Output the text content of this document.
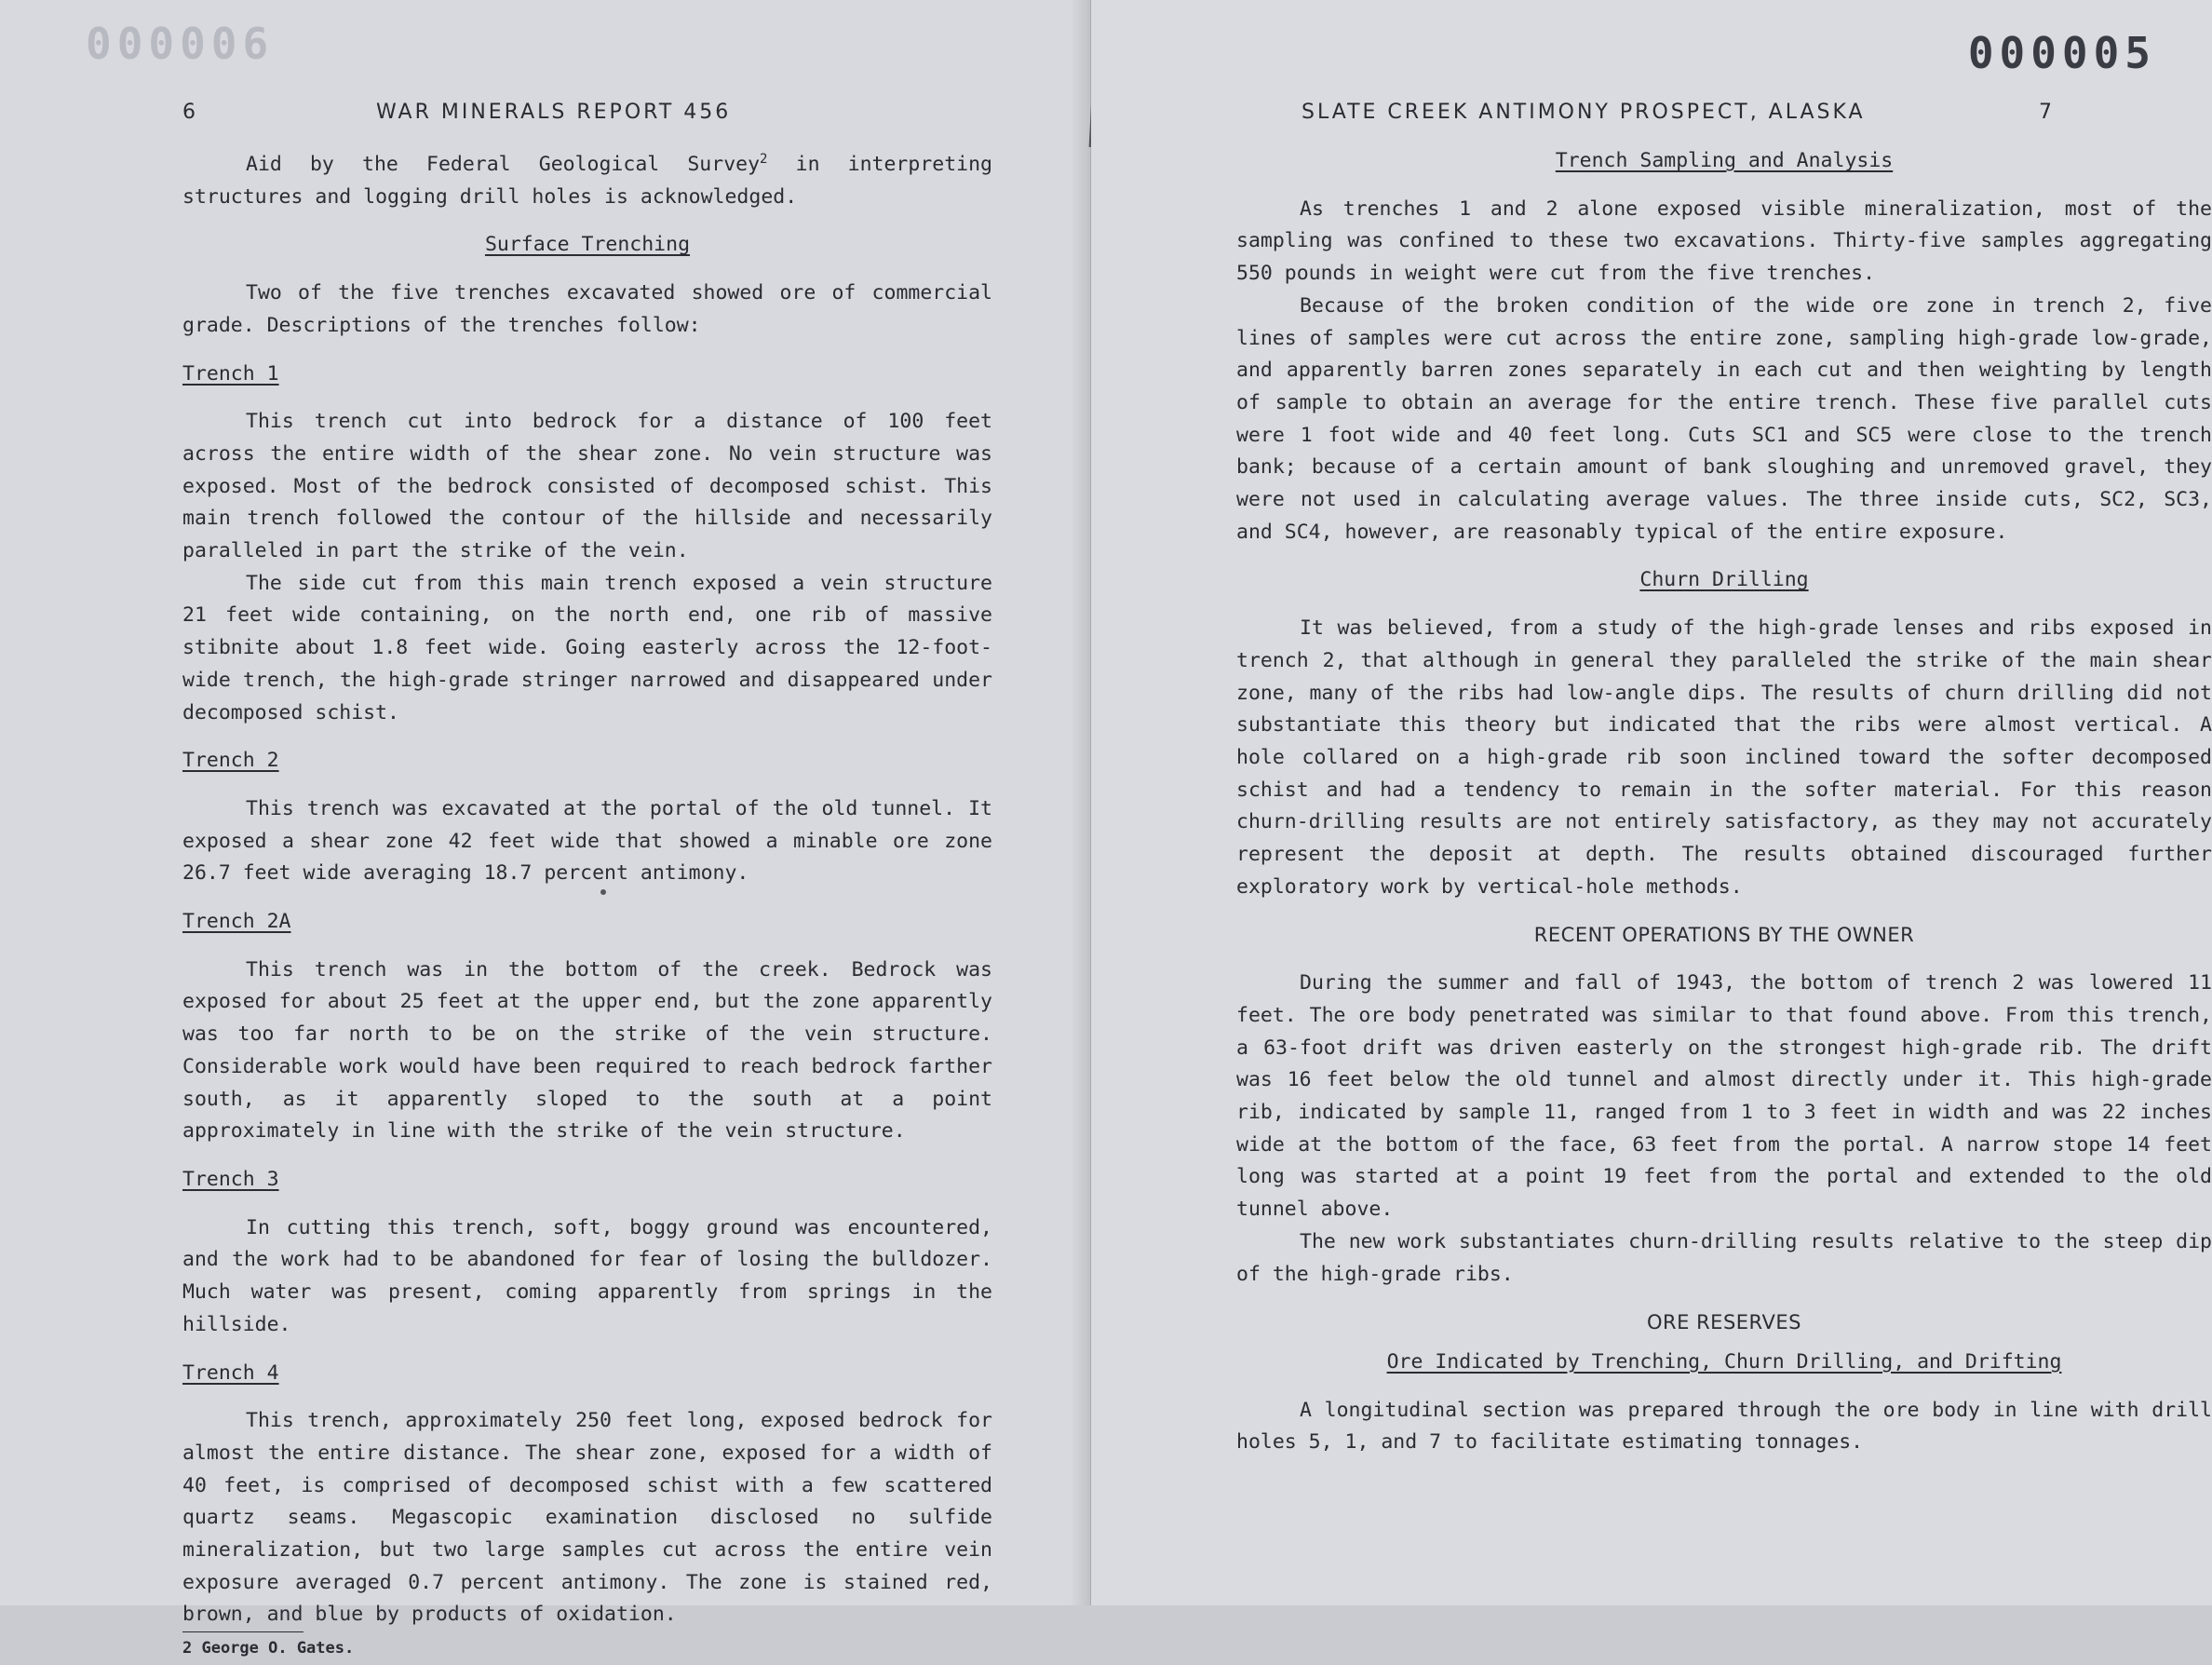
000006
6	WAR MINERALS REPORT 456

Aid by the Federal Geological Survey$^2$ in interpreting structures and logging drill holes is acknowledged.

Surface Trenching

Two of the five trenches excavated showed ore of commercial grade. Descriptions of the trenches follow:

Trench 1

This trench cut into bedrock for a distance of 100 feet across the entire width of the shear zone. No vein structure was exposed. Most of the bedrock consisted of decomposed schist. This main trench followed the contour of the hillside and necessarily paralleled in part the strike of the vein.

The side cut from this main trench exposed a vein structure 21 feet wide containing, on the north end, one rib of massive stibnite about 1.8 feet wide. Going easterly across the 12-foot-wide trench, the high-grade stringer narrowed and disappeared under decomposed schist.

Trench 2

This trench was excavated at the portal of the old tunnel. It exposed a shear zone 42 feet wide that showed a minable ore zone 26.7 feet wide averaging 18.7 percent antimony.

Trench 2A

This trench was in the bottom of the creek. Bedrock was exposed for about 25 feet at the upper end, but the zone apparently was too far north to be on the strike of the vein structure. Considerable work would have been required to reach bedrock farther south, as it apparently sloped to the south at a point approximately in line with the strike of the vein structure.

Trench 3

In cutting this trench, soft, boggy ground was encountered, and the work had to be abandoned for fear of losing the bulldozer. Much water was present, coming apparently from springs in the hillside.

Trench 4

This trench, approximately 250 feet long, exposed bedrock for almost the entire distance. The shear zone, exposed for a width of 40 feet, is comprised of decomposed schist with a few scattered quartz seams. Megascopic examination disclosed no sulfide mineralization, but two large samples cut across the entire vein exposure averaged 0.7 percent antimony. The zone is stained red, brown, and blue by products of oxidation.

2 George O. Gates.

000005
SLATE CREEK ANTIMONY PROSPECT, ALASKA	7

Trench Sampling and Analysis

As trenches 1 and 2 alone exposed visible mineralization, most of the sampling was confined to these two excavations. Thirty-five samples aggregating 550 pounds in weight were cut from the five trenches.

Because of the broken condition of the wide ore zone in trench 2, five lines of samples were cut across the entire zone, sampling high-grade low-grade, and apparently barren zones separately in each cut and then weighting by length of sample to obtain an average for the entire trench. These five parallel cuts were 1 foot wide and 40 feet long. Cuts SC1 and SC5 were close to the trench bank; because of a certain amount of bank sloughing and unremoved gravel, they were not used in calculating average values. The three inside cuts, SC2, SC3, and SC4, however, are reasonably typical of the entire exposure.

Churn Drilling

It was believed, from a study of the high-grade lenses and ribs exposed in trench 2, that although in general they paralleled the strike of the main shear zone, many of the ribs had low-angle dips. The results of churn drilling did not substantiate this theory but indicated that the ribs were almost vertical. A hole collared on a high-grade rib soon inclined toward the softer decomposed schist and had a tendency to remain in the softer material. For this reason churn-drilling results are not entirely satisfactory, as they may not accurately represent the deposit at depth. The results obtained discouraged further exploratory work by vertical-hole methods.

RECENT OPERATIONS BY THE OWNER

During the summer and fall of 1943, the bottom of trench 2 was lowered 11 feet. The ore body penetrated was similar to that found above. From this trench, a 63-foot drift was driven easterly on the strongest high-grade rib. The drift was 16 feet below the old tunnel and almost directly under it. This high-grade rib, indicated by sample 11, ranged from 1 to 3 feet in width and was 22 inches wide at the bottom of the face, 63 feet from the portal. A narrow stope 14 feet long was started at a point 19 feet from the portal and extended to the old tunnel above.

The new work substantiates churn-drilling results relative to the steep dip of the high-grade ribs.

ORE RESERVES

Ore Indicated by Trenching, Churn Drilling, and Drifting

A longitudinal section was prepared through the ore body in line with drill holes 5, 1, and 7 to facilitate estimating tonnages.
